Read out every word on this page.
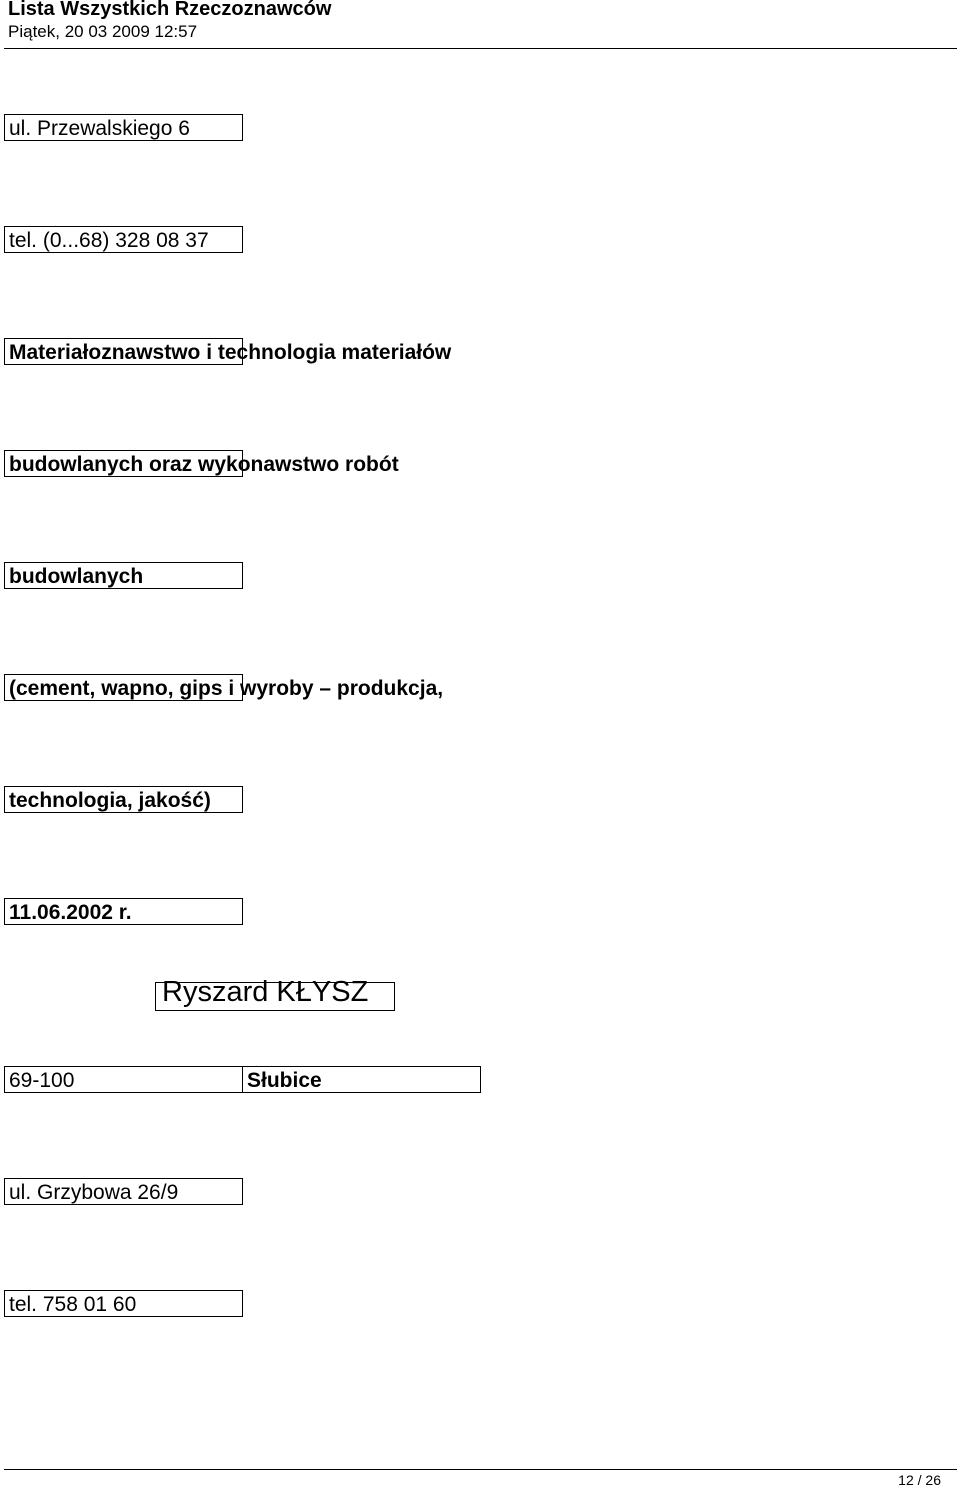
Lista Wszystkich Rzeczoznawców
Piątek, 20 03 2009 12:57
ul. Przewalskiego 6
tel. (0...68) 328 08 37
Materiałoznawstwo i technologia materiałów
budowlanych oraz wykonawstwo robót
budowlanych
(cement, wapno, gips i wyroby – produkcja,
technologia, jakość)
11.06.2002 r.
Ryszard KŁYSZ
69-100	Słubice
ul. Grzybowa 26/9
tel. 758 01 60
12 / 26
